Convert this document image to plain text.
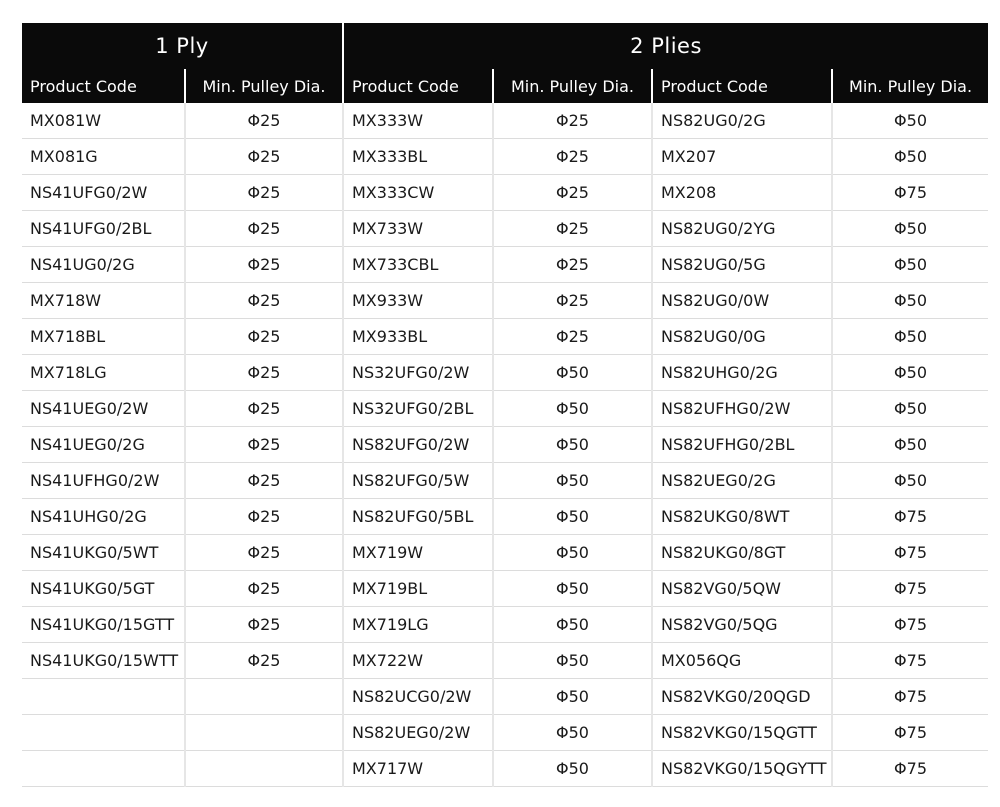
1 Ply		2 Plies			
Product Code	Min. Pulley Dia.	Product Code	Min. Pulley Dia.	Product Code	Min. Pulley Dia.
MX081W	Φ25	MX333W	Φ25	NS82UG0/2G	Φ50
MX081G	Φ25	MX333BL	Φ25	MX207	Φ50
NS41UFG0/2W	Φ25	MX333CW	Φ25	MX208	Φ75
NS41UFG0/2BL	Φ25	MX733W	Φ25	NS82UG0/2YG	Φ50
NS41UG0/2G	Φ25	MX733CBL	Φ25	NS82UG0/5G	Φ50
MX718W	Φ25	MX933W	Φ25	NS82UG0/0W	Φ50
MX718BL	Φ25	MX933BL	Φ25	NS82UG0/0G	Φ50
MX718LG	Φ25	NS32UFG0/2W	Φ50	NS82UHG0/2G	Φ50
NS41UEG0/2W	Φ25	NS32UFG0/2BL	Φ50	NS82UFHG0/2W	Φ50
NS41UEG0/2G	Φ25	NS82UFG0/2W	Φ50	NS82UFHG0/2BL	Φ50
NS41UFHG0/2W	Φ25	NS82UFG0/5W	Φ50	NS82UEG0/2G	Φ50
NS41UHG0/2G	Φ25	NS82UFG0/5BL	Φ50	NS82UKG0/8WT	Φ75
NS41UKG0/5WT	Φ25	MX719W	Φ50	NS82UKG0/8GT	Φ75
NS41UKG0/5GT	Φ25	MX719BL	Φ50	NS82VG0/5QW	Φ75
NS41UKG0/15GTT	Φ25	MX719LG	Φ50	NS82VG0/5QG	Φ75
NS41UKG0/15WTT	Φ25	MX722W	Φ50	MX056QG	Φ75
		NS82UCG0/2W	Φ50	NS82VKG0/20QGD	Φ75
		NS82UEG0/2W	Φ50	NS82VKG0/15QGTT	Φ75
		MX717W	Φ50	NS82VKG0/15QGYTT	Φ75
